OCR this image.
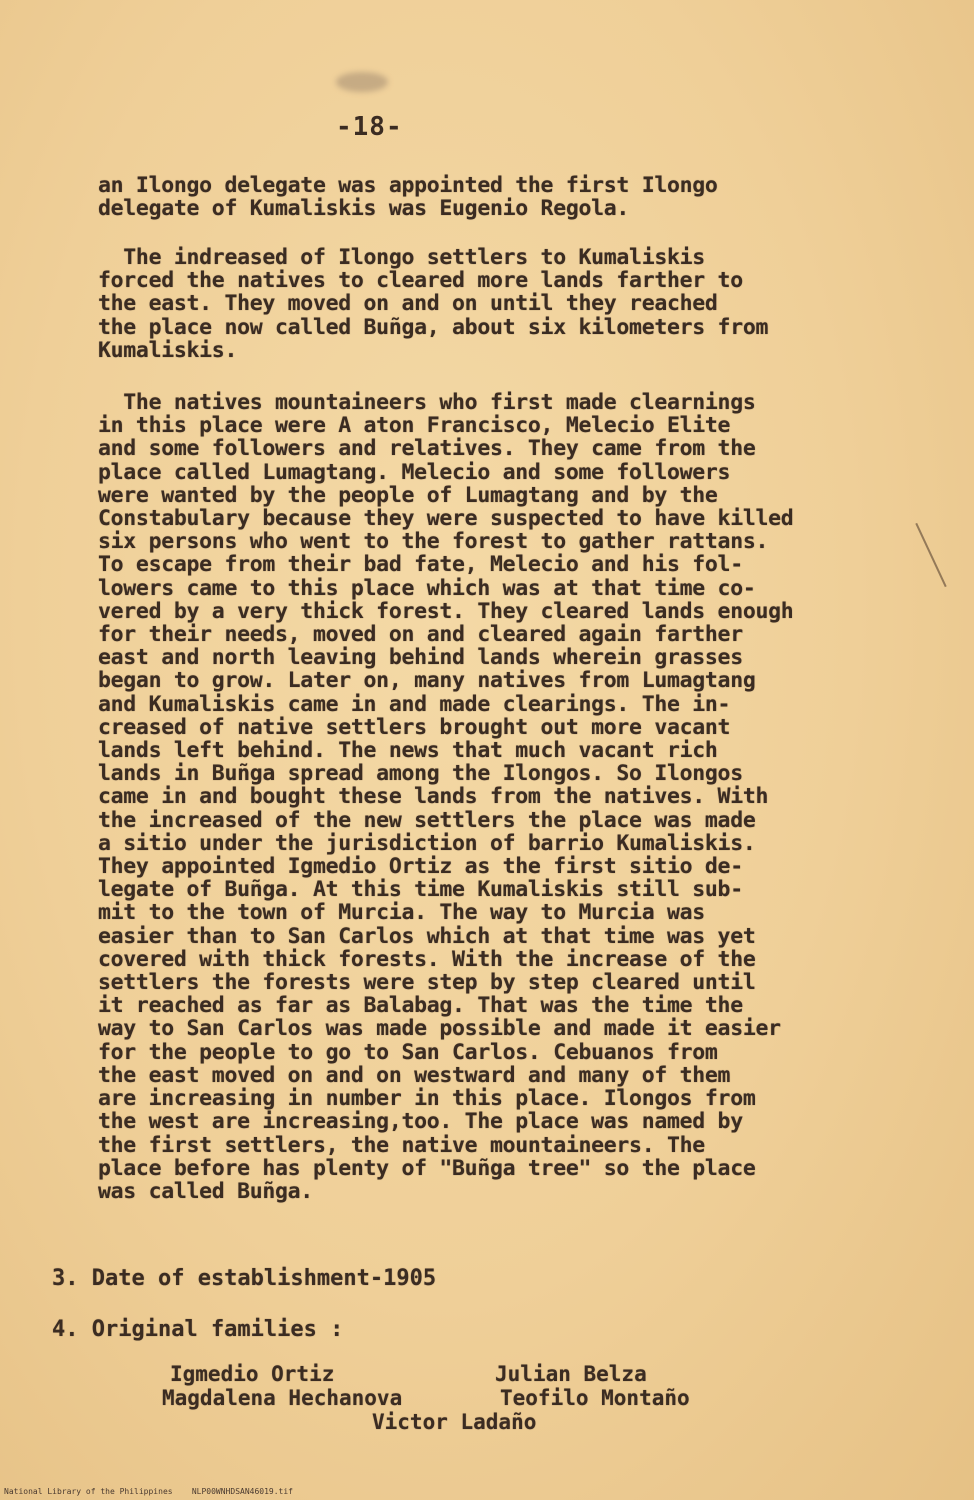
-18-

an Ilongo delegate was appointed the first Ilongo
delegate of Kumaliskis was Eugenio Regola.

The indreased of Ilongo settlers to Kumaliskis
forced the natives to cleared more lands farther to
the east. They moved on and on until they reached
the place now called Buñga, about six kilometers from
Kumaliskis.

The natives mountaineers who first made clearnings
in this place were A aton Francisco, Melecio Elite
and some followers and relatives. They came from the
place called Lumagtang. Melecio and some followers
were wanted by the people of Lumagtang and by the
Constabulary because they were suspected to have killed
six persons who went to the forest to gather rattans.
To escape from their bad fate, Melecio and his fol-
lowers came to this place which was at that time co-
vered by a very thick forest. They cleared lands enough
for their needs, moved on and cleared again farther
east and north leaving behind lands wherein grasses
began to grow. Later on, many natives from Lumagtang
and Kumaliskis came in and made clearings. The in-
creased of native settlers brought out more vacant
lands left behind. The news that much vacant rich
lands in Buñga spread among the Ilongos. So Ilongos
came in and bought these lands from the natives. With
the increased of the new settlers the place was made
a sitio under the jurisdiction of barrio Kumaliskis.
They appointed Igmedio Ortiz as the first sitio de-
legate of Buñga. At this time Kumaliskis still sub-
mit to the town of Murcia. The way to Murcia was
easier than to San Carlos which at that time was yet
covered with thick forests. With the increase of the
settlers the forests were step by step cleared until
it reached as far as Balabag. That was the time the
way to San Carlos was made possible and made it easier
for the people to go to San Carlos. Cebuanos from
the east moved on and on westward and many of them
are increasing in number in this place. Ilongos from
the west are increasing,too. The place was named by
the first settlers, the native mountaineers. The
place before has plenty of "Buñga tree" so the place
was called Buñga.

3. Date of establishment-1905
4. Original families :
Igmedio Ortiz	Julian Belza
Magdalena Hechanova	Teofilo Montaño
Victor Ladaño
National Library of the Philippines    NLP00WNHDSAN46019.tif
